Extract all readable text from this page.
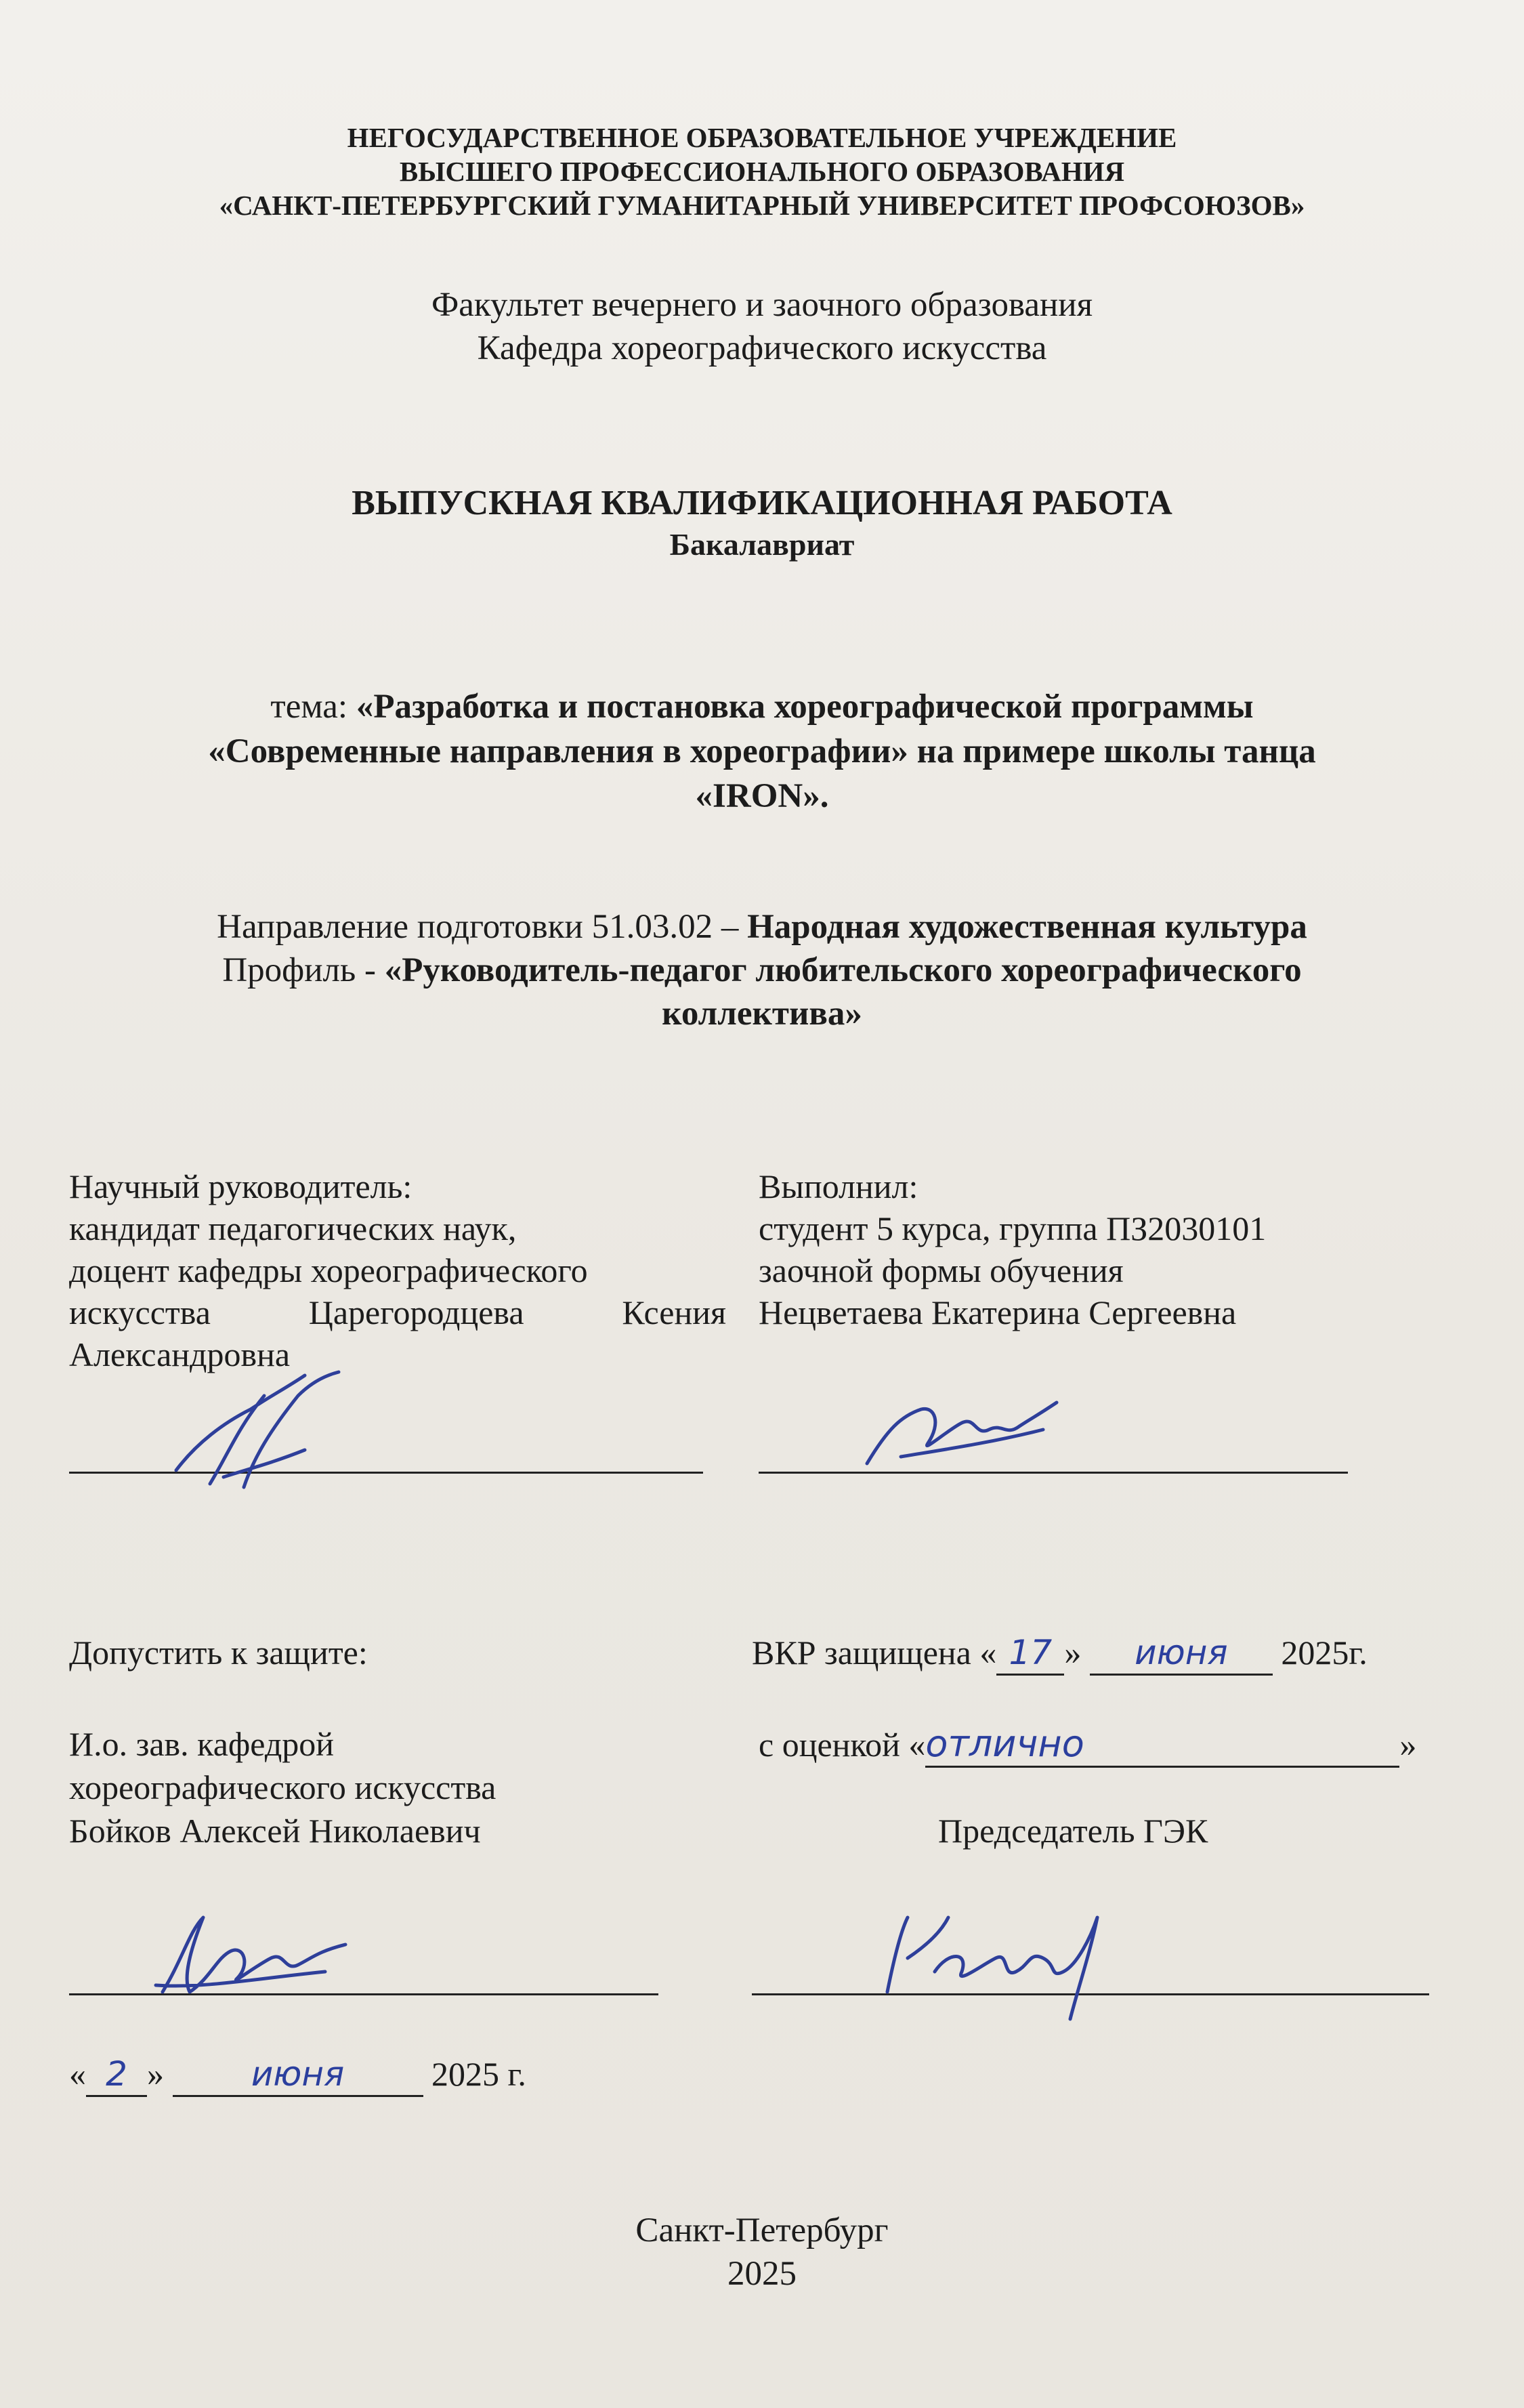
НЕГОСУДАРСТВЕННОЕ ОБРАЗОВАТЕЛЬНОЕ УЧРЕЖДЕНИЕ
ВЫСШЕГО ПРОФЕССИОНАЛЬНОГО ОБРАЗОВАНИЯ
«САНКТ-ПЕТЕРБУРГСКИЙ ГУМАНИТАРНЫЙ УНИВЕРСИТЕТ ПРОФСОЮЗОВ»
Факультет вечернего и заочного образования
Кафедра хореографического искусства
ВЫПУСКНАЯ КВАЛИФИКАЦИОННАЯ РАБОТА
Бакалавриат
тема: «Разработка и постановка хореографической программы
«Современные направления в хореографии» на примере школы танца
«IRON».
Направление подготовки 51.03.02 – Народная художественная культура
Профиль - «Руководитель-педагог любительского хореографического
коллектива»
Научный руководитель:
кандидат педагогических наук,
доцент кафедры хореографического
искусства	Царегородцева	Ксения
Александровна
Выполнил:
студент 5 курса, группа ПЗ2030101
заочной формы обучения
Нецветаева Екатерина Сергеевна
Допустить к защите:	ВКР защищена « 17 » июня 2025г.
И.о. зав. кафедрой
хореографического искусства
Бойков Алексей Николаевич
с оценкой «отлично	»
Председатель ГЭК
« 2 »	июня	2025 г.
Санкт-Петербург
2025
